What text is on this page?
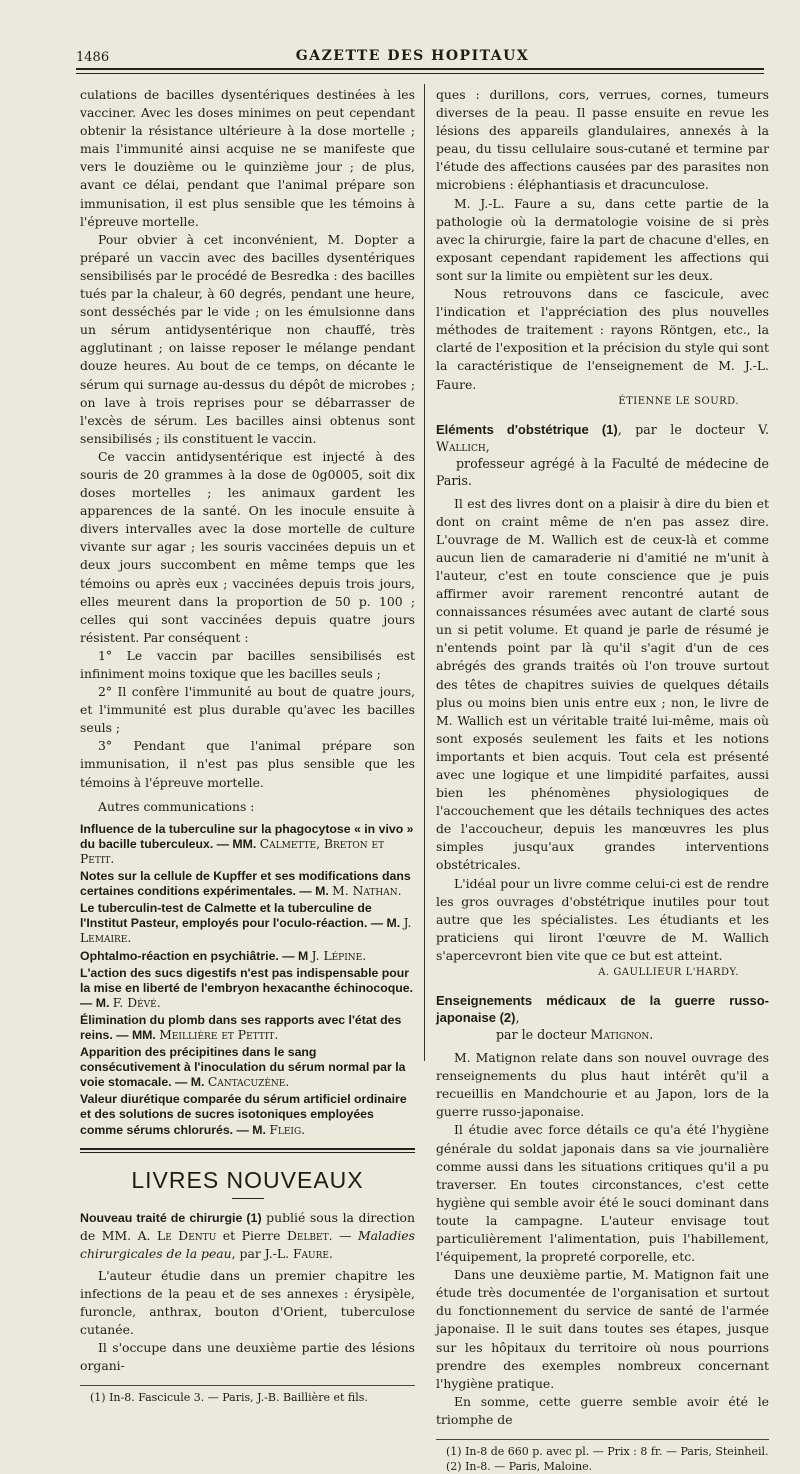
1486	GAZETTE DES HOPITAUX

culations de bacilles dysentériques destinées à les vacciner. Avec les doses minimes on peut cependant obtenir la résistance ultérieure à la dose mortelle ; mais l'immunité ainsi acquise ne se manifeste que vers le douzième ou le quinzième jour ; de plus, avant ce délai, pendant que l'animal prépare son immunisation, il est plus sensible que les témoins à l'épreuve mortelle.

Pour obvier à cet inconvénient, M. Dopter a préparé un vaccin avec des bacilles dysentériques sensibilisés par le procédé de Besredka : des bacilles tués par la chaleur, à 60 degrés, pendant une heure, sont desséchés par le vide ; on les émulsionne dans un sérum antidysentérique non chauffé, très agglutinant ; on laisse reposer le mélange pendant douze heures. Au bout de ce temps, on décante le sérum qui surnage au-dessus du dépôt de microbes ; on lave à trois reprises pour se débarrasser de l'excès de sérum. Les bacilles ainsi obtenus sont sensibilisés ; ils constituent le vaccin.

Ce vaccin antidysentérique est injecté à des souris de 20 grammes à la dose de 0g0005, soit dix doses mortelles ; les animaux gardent les apparences de la santé. On les inocule ensuite à divers intervalles avec la dose mortelle de culture vivante sur agar ; les souris vaccinées depuis un et deux jours succombent en même temps que les témoins ou après eux ; vaccinées depuis trois jours, elles meurent dans la proportion de 50 p. 100 ; celles qui sont vaccinées depuis quatre jours résistent. Par conséquent :

1° Le vaccin par bacilles sensibilisés est infiniment moins toxique que les bacilles seuls ;

2° Il confère l'immunité au bout de quatre jours, et l'immunité est plus durable qu'avec les bacilles seuls ;

3° Pendant que l'animal prépare son immunisation, il n'est pas plus sensible que les témoins à l'épreuve mortelle.

Autres communications :

Influence de la tuberculine sur la phagocytose « in vivo » du bacille tuberculeux. — MM. Calmette, Breton et Petit.
Notes sur la cellule de Kupffer et ses modifications dans certaines conditions expérimentales. — M. M. Nathan.
Le tuberculin-test de Calmette et la tuberculine de l'Institut Pasteur, employés pour l'oculo-réaction. — M. J. Lemaire.
Ophtalmo-réaction en psychiâtrie. — M J. Lépine.
L'action des sucs digestifs n'est pas indispensable pour la mise en liberté de l'embryon hexacanthe échinocoque. — M. F. Dévé.
Élimination du plomb dans ses rapports avec l'état des reins. — MM. Meillière et Pettit.
Apparition des précipitines dans le sang consécutivement à l'inoculation du sérum normal par la voie stomacale. — M. Cantacuzène.
Valeur diurétique comparée du sérum artificiel ordinaire et des solutions de sucres isotoniques employées comme sérums chlorurés. — M. Fleig.
LIVRES NOUVEAUX

Nouveau traité de chirurgie (1) publié sous la direction de MM. A. Le Dentu et Pierre Delbet. — Maladies chirurgicales de la peau, par J.-L. Faure.

L'auteur étudie dans un premier chapitre les infections de la peau et de ses annexes : érysipèle, furoncle, anthrax, bouton d'Orient, tuberculose cutanée.

Il s'occupe dans une deuxième partie des lésions organi-

(1) In-8. Fascicule 3. — Paris, J.-B. Baillière et fils.

ques : durillons, cors, verrues, cornes, tumeurs diverses de la peau. Il passe ensuite en revue les lésions des appareils glandulaires, annexés à la peau, du tissu cellulaire sous-cutané et termine par l'étude des affections causées par des parasites non microbiens : éléphantiasis et dracunculose.

M. J.-L. Faure a su, dans cette partie de la pathologie où la dermatologie voisine de si près avec la chirurgie, faire la part de chacune d'elles, en exposant cependant rapidement les affections qui sont sur la limite ou empiètent sur les deux.

Nous retrouvons dans ce fascicule, avec l'indication et l'appréciation des plus nouvelles méthodes de traitement : rayons Röntgen, etc., la clarté de l'exposition et la précision du style qui sont la caractéristique de l'enseignement de M. J.-L. Faure.

ÉTIENNE LE SOURD.
Eléments d'obstétrique (1), par le docteur V. Wallich,
professeur agrégé à la Faculté de médecine de Paris.

Il est des livres dont on a plaisir à dire du bien et dont on craint même de n'en pas assez dire. L'ouvrage de M. Wallich est de ceux-là et comme aucun lien de camaraderie ni d'amitié ne m'unit à l'auteur, c'est en toute conscience que je puis affirmer avoir rarement rencontré autant de connaissances résumées avec autant de clarté sous un si petit volume. Et quand je parle de résumé je n'entends point par là qu'il s'agit d'un de ces abrégés des grands traités où l'on trouve surtout des têtes de chapitres suivies de quelques détails plus ou moins bien unis entre eux ; non, le livre de M. Wallich est un véritable traité lui-même, mais où sont exposés seulement les faits et les notions importants et bien acquis. Tout cela est présenté avec une logique et une limpidité parfaites, aussi bien les phénomènes physiologiques de l'accouchement que les détails techniques des actes de l'accoucheur, depuis les manœuvres les plus simples jusqu'aux grandes interventions obstétricales.

L'idéal pour un livre comme celui-ci est de rendre les gros ouvrages d'obstétrique inutiles pour tout autre que les spécialistes. Les étudiants et les praticiens qui liront l'œuvre de M. Wallich s'apercevront bien vite que ce but est atteint.

A. GAULLIEUR L'HARDY.
Enseignements médicaux de la guerre russo-japonaise (2),
par le docteur Matignon.

M. Matignon relate dans son nouvel ouvrage des renseignements du plus haut intérêt qu'il a recueillis en Mandchourie et au Japon, lors de la guerre russo-japonaise.

Il étudie avec force détails ce qu'a été l'hygiène générale du soldat japonais dans sa vie journalière comme aussi dans les situations critiques qu'il a pu traverser. En toutes circonstances, c'est cette hygiène qui semble avoir été le souci dominant dans toute la campagne. L'auteur envisage tout particulièrement l'alimentation, puis l'habillement, l'équipement, la propreté corporelle, etc.

Dans une deuxième partie, M. Matignon fait une étude très documentée de l'organisation et surtout du fonctionnement du service de santé de l'armée japonaise. Il le suit dans toutes ses étapes, jusque sur les hôpitaux du territoire où nous pourrions prendre des exemples nombreux concernant l'hygiène pratique.

En somme, cette guerre semble avoir été le triomphe de

(1) In-8 de 660 p. avec pl. — Prix : 8 fr. — Paris, Steinheil.

(2) In-8. — Paris, Maloine.
